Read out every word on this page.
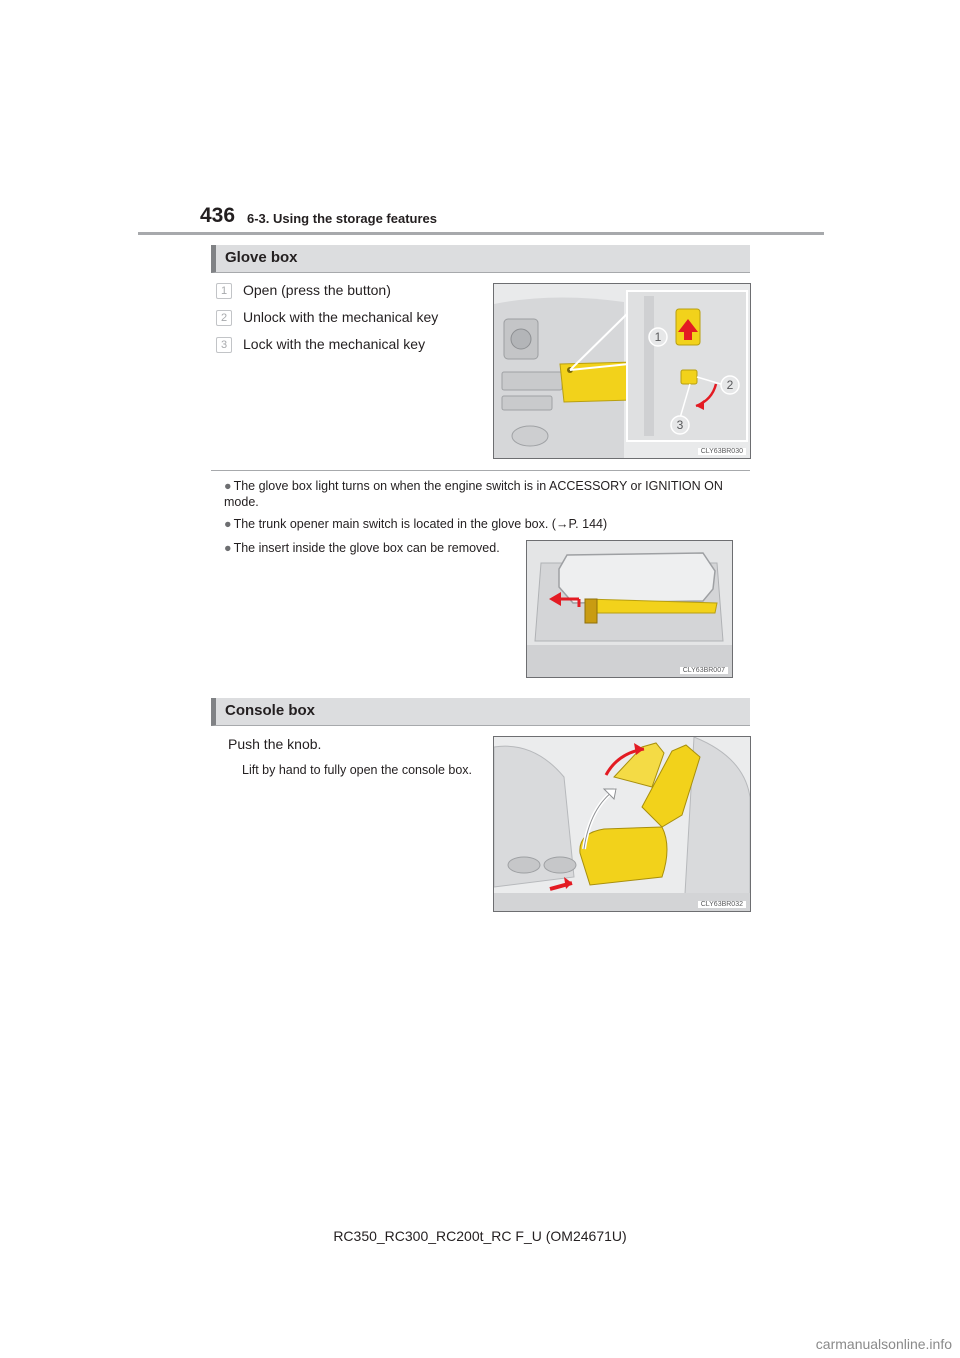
436 6-3. Using the storage features
Glove box
1	Open (press the button)
2	Unlock with the mechanical key
3	Lock with the mechanical key	1
2
3
CLY63BR030
● The glove box light turns on when the engine switch is in ACCESSORY or IGNITION ON mode.
● The trunk opener main switch is located in the glove box. (→P. 144)
● The insert inside the glove box can be removed.
CLY63BR007
Console box
Push the knob.
Lift by hand to fully open the console box.
CLY63BR032
RC350_RC300_RC200t_RC F_U (OM24671U)
carmanualsonline.info
